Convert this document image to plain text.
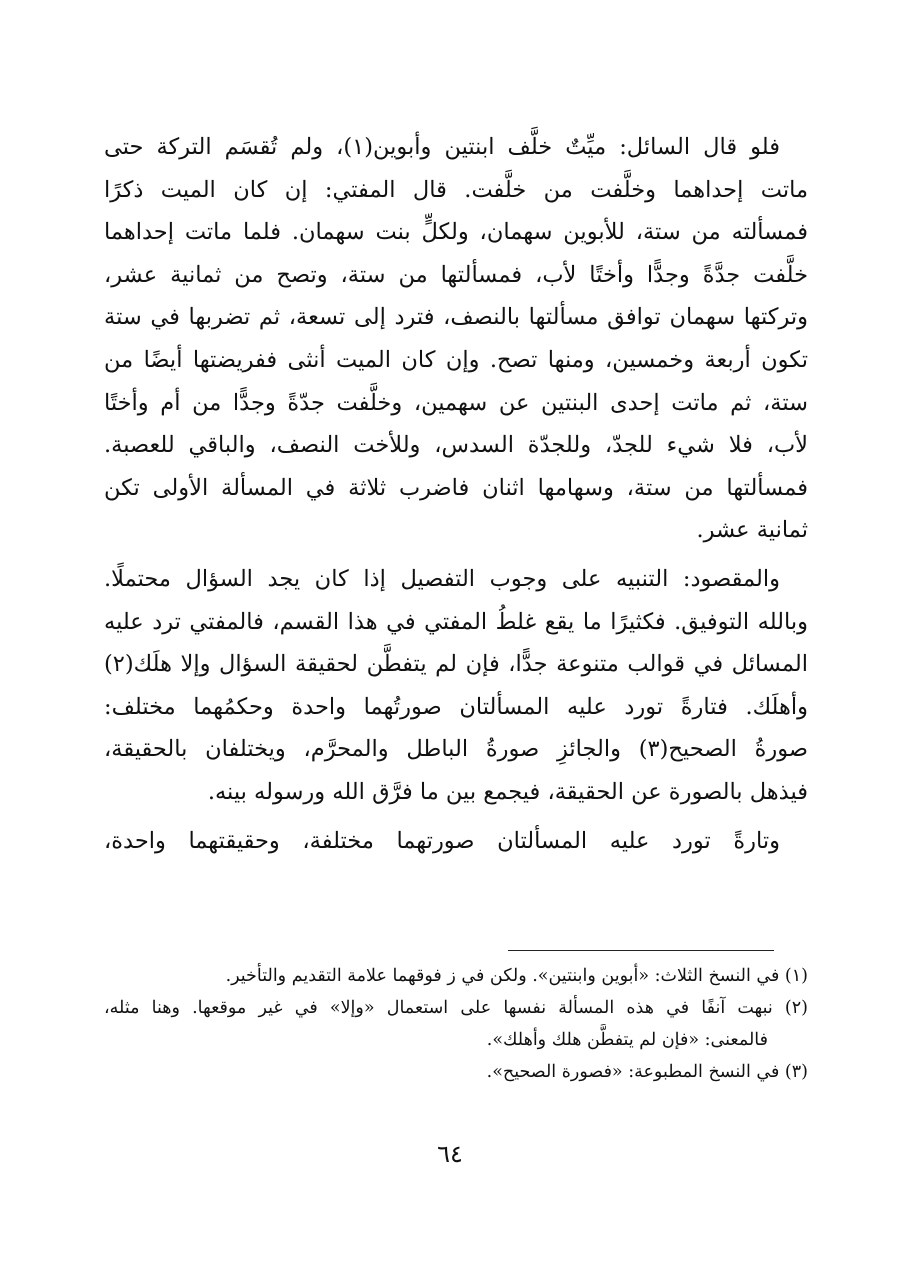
فلو قال السائل: ميِّتٌ خلَّف ابنتين وأبوين(١)، ولم تُقسَم التركة حتى
ماتت إحداهما وخلَّفت من خلَّفت. قال المفتي: إن كان الميت ذكرًا
فمسألته من ستة، للأبوين سهمان، ولكلٍّ بنت سهمان. فلما ماتت إحداهما
خلَّفت جدَّةً وجدًّا وأختًا لأب، فمسألتها من ستة، وتصح من ثمانية عشر،
وتركتها سهمان توافق مسألتها بالنصف، فترد إلى تسعة، ثم تضربها في ستة
تكون أربعة وخمسين، ومنها تصح. وإن كان الميت أنثى ففريضتها أيضًا من
ستة، ثم ماتت إحدى البنتين عن سهمين، وخلَّفت جدّةً وجدًّا من أم وأختًا
لأب، فلا شيء للجدّ، وللجدّة السدس، وللأخت النصف، والباقي للعصبة.
فمسألتها من ستة، وسهامها اثنان فاضرب ثلاثة في المسألة الأولى تكن
ثمانية عشر.
والمقصود: التنبيه على وجوب التفصيل إذا كان يجد السؤال محتملًا.
وبالله التوفيق. فكثيرًا ما يقع غلطُ المفتي في هذا القسم، فالمفتي ترد عليه
المسائل في قوالب متنوعة جدًّا، فإن لم يتفطَّن لحقيقة السؤال وإلا هلَك(٢)
وأهلَك. فتارةً تورد عليه المسألتان صورتُهما واحدة وحكمُهما مختلف:
صورةُ الصحيح(٣) والجائزِ صورةُ الباطل والمحرَّم، ويختلفان بالحقيقة،
فيذهل بالصورة عن الحقيقة، فيجمع بين ما فرَّق الله ورسوله بينه.
وتارةً تورد عليه المسألتان صورتهما مختلفة، وحقيقتهما واحدة،
(١) في النسخ الثلاث: «أبوين وابنتين». ولكن في ز فوقهما علامة التقديم والتأخير.
(٢) نبهت آنفًا في هذه المسألة نفسها على استعمال «وإلا» في غير موقعها. وهنا مثله،
فالمعنى: «فإن لم يتفطَّن هلك وأهلك».
(٣) في النسخ المطبوعة: «فصورة الصحيح».
٦٤
